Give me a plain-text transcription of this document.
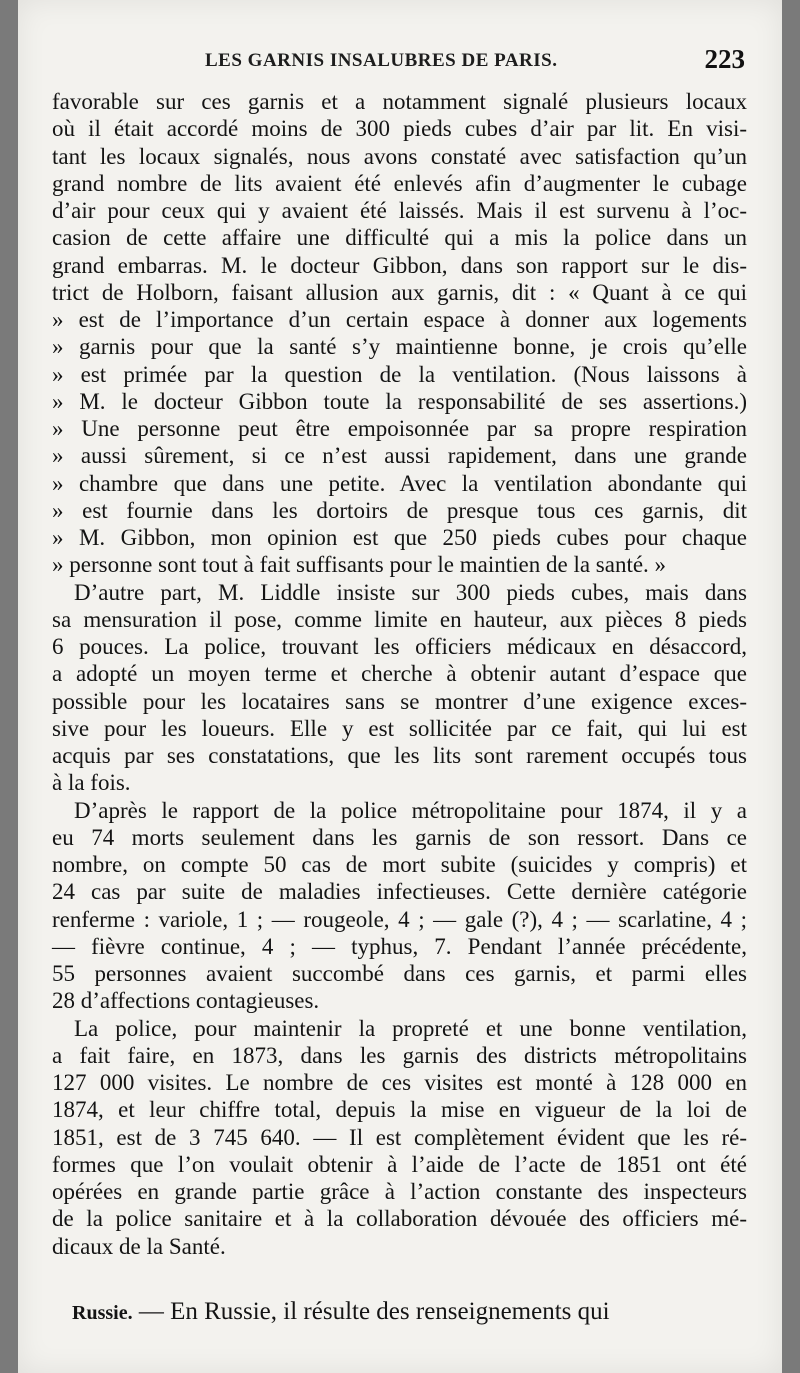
LES GARNIS INSALUBRES DE PARIS.	223
favorable sur ces garnis et a notamment signalé plusieurs locaux
où il était accordé moins de 300 pieds cubes d’air par lit. En visi-
tant les locaux signalés, nous avons constaté avec satisfaction qu’un
grand nombre de lits avaient été enlevés afin d’augmenter le cubage
d’air pour ceux qui y avaient été laissés. Mais il est survenu à l’oc-
casion de cette affaire une difficulté qui a mis la police dans un
grand embarras. M. le docteur Gibbon, dans son rapport sur le dis-
trict de Holborn, faisant allusion aux garnis, dit : « Quant à ce qui
» est de l’importance d’un certain espace à donner aux logements
» garnis pour que la santé s’y maintienne bonne, je crois qu’elle
» est primée par la question de la ventilation. (Nous laissons à
» M. le docteur Gibbon toute la responsabilité de ses assertions.)
» Une personne peut être empoisonnée par sa propre respiration
» aussi sûrement, si ce n’est aussi rapidement, dans une grande
» chambre que dans une petite. Avec la ventilation abondante qui
» est fournie dans les dortoirs de presque tous ces garnis, dit
» M. Gibbon, mon opinion est que 250 pieds cubes pour chaque
» personne sont tout à fait suffisants pour le maintien de la santé. »
D’autre part, M. Liddle insiste sur 300 pieds cubes, mais dans
sa mensuration il pose, comme limite en hauteur, aux pièces 8 pieds
6 pouces. La police, trouvant les officiers médicaux en désaccord,
a adopté un moyen terme et cherche à obtenir autant d’espace que
possible pour les locataires sans se montrer d’une exigence exces-
sive pour les loueurs. Elle y est sollicitée par ce fait, qui lui est
acquis par ses constatations, que les lits sont rarement occupés tous
à la fois.
D’après le rapport de la police métropolitaine pour 1874, il y a
eu 74 morts seulement dans les garnis de son ressort. Dans ce
nombre, on compte 50 cas de mort subite (suicides y compris) et
24 cas par suite de maladies infectieuses. Cette dernière catégorie
renferme : variole, 1 ; — rougeole, 4 ; — gale (?), 4 ; — scarlatine, 4 ;
— fièvre continue, 4 ; — typhus, 7. Pendant l’année précédente,
55 personnes avaient succombé dans ces garnis, et parmi elles
28 d’affections contagieuses.
La police, pour maintenir la propreté et une bonne ventilation,
a fait faire, en 1873, dans les garnis des districts métropolitains
127 000 visites. Le nombre de ces visites est monté à 128 000 en
1874, et leur chiffre total, depuis la mise en vigueur de la loi de
1851, est de 3 745 640. — Il est complètement évident que les ré-
formes que l’on voulait obtenir à l’aide de l’acte de 1851 ont été
opérées en grande partie grâce à l’action constante des inspecteurs
de la police sanitaire et à la collaboration dévouée des officiers mé-
dicaux de la Santé.
Russie. — En Russie, il résulte des renseignements qui
